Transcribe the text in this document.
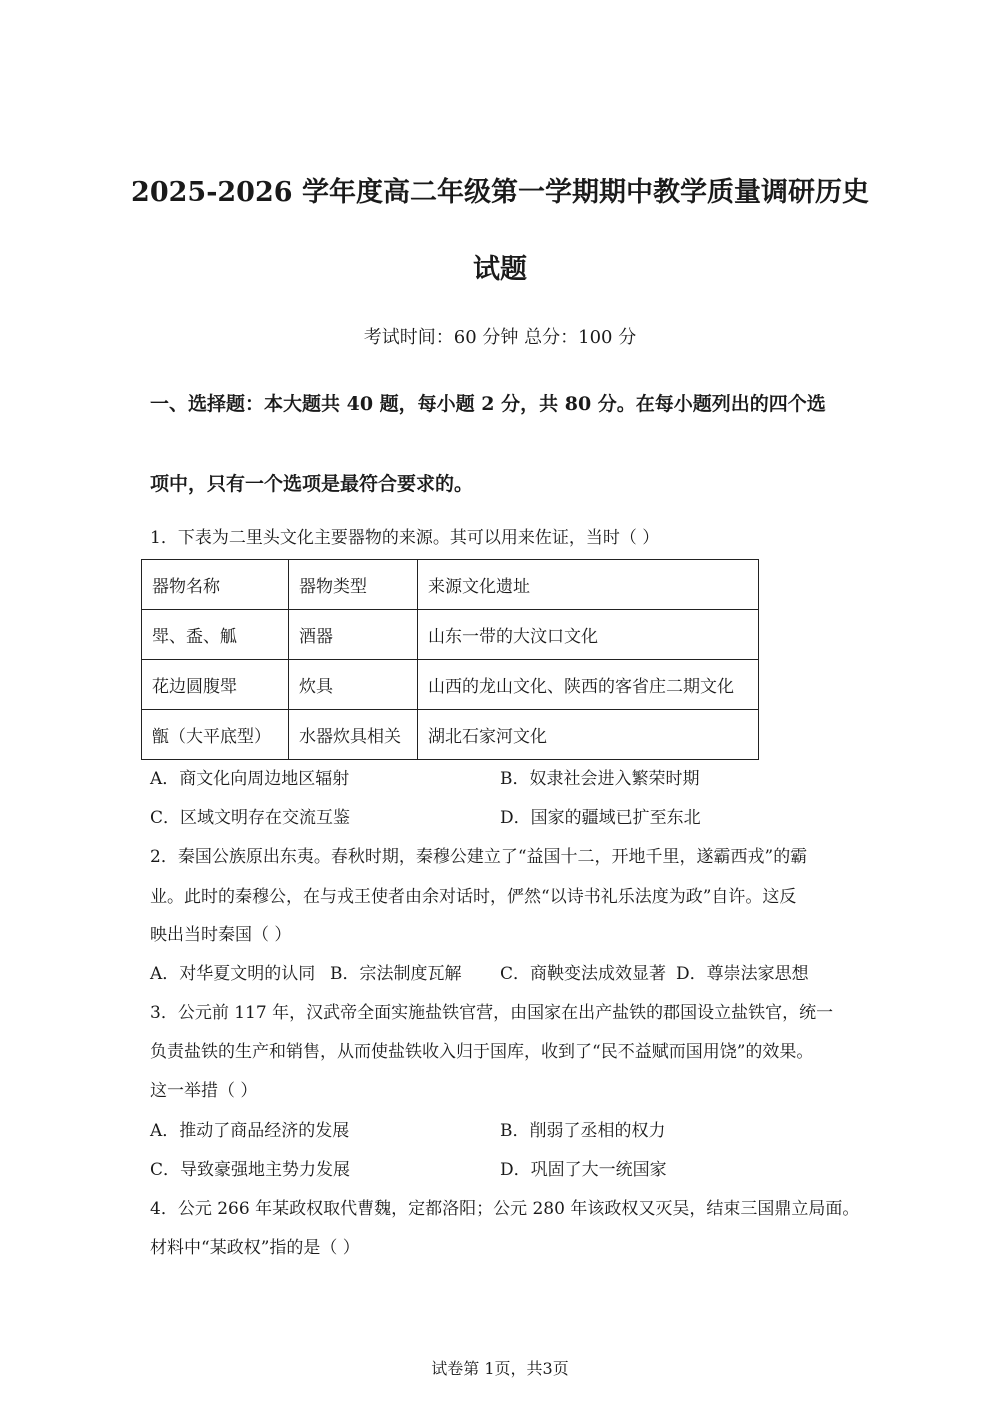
2025-2026 学年度高二年级第一学期期中教学质量调研历史
试题
考试时间：60 分钟 总分：100 分
一、选择题：本大题共 40 题，每小题 2 分，共 80 分。在每小题列出的四个选
项中，只有一个选项是最符合要求的。
1．下表为二里头文化主要器物的来源。其可以用来佐证，当时（ ）
器物名称	器物类型	来源文化遗址
斝、盉、觚	酒器	山东一带的大汶口文化
花边圆腹斝	炊具	山西的龙山文化、陕西的客省庄二期文化
甑（大平底型）	水器炊具相关	湖北石家河文化
A．商文化向周边地区辐射	B．奴隶社会进入繁荣时期
C．区域文明存在交流互鉴	D．国家的疆域已扩至东北
2．秦国公族原出东夷。春秋时期，秦穆公建立了“益国十二，开地千里，遂霸西戎”的霸
业。此时的秦穆公，在与戎王使者由余对话时，俨然“以诗书礼乐法度为政”自许。这反
映出当时秦国（ ）
A．对华夏文明的认同 B．宗法制度瓦解 C．商鞅变法成效显著 D．尊崇法家思想
3．公元前 117 年，汉武帝全面实施盐铁官营，由国家在出产盐铁的郡国设立盐铁官，统一
负责盐铁的生产和销售，从而使盐铁收入归于国库，收到了“民不益赋而国用饶”的效果。
这一举措（ ）
A．推动了商品经济的发展	B．削弱了丞相的权力
C．导致豪强地主势力发展	D．巩固了大一统国家
4．公元 266 年某政权取代曹魏，定都洛阳；公元 280 年该政权又灭吴，结束三国鼎立局面。
材料中“某政权”指的是（ ）
试卷第 1页，共3页
